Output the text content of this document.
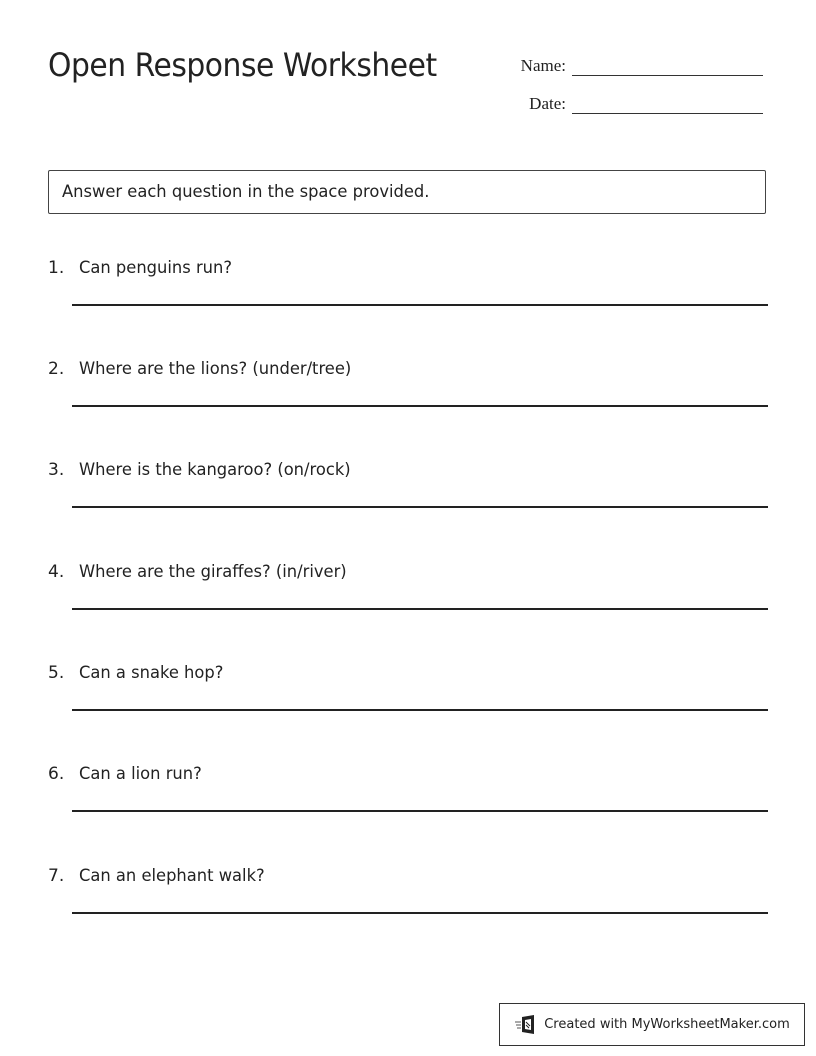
Open Response Worksheet	Name:
Date:
Answer each question in the space provided.
1. Can penguins run?
2. Where are the lions? (under/tree)
3. Where is the kangaroo? (on/rock)
4. Where are the giraffes? (in/river)
5. Can a snake hop?
6. Can a lion run?
7. Can an elephant walk?
Created with MyWorksheetMaker.com
